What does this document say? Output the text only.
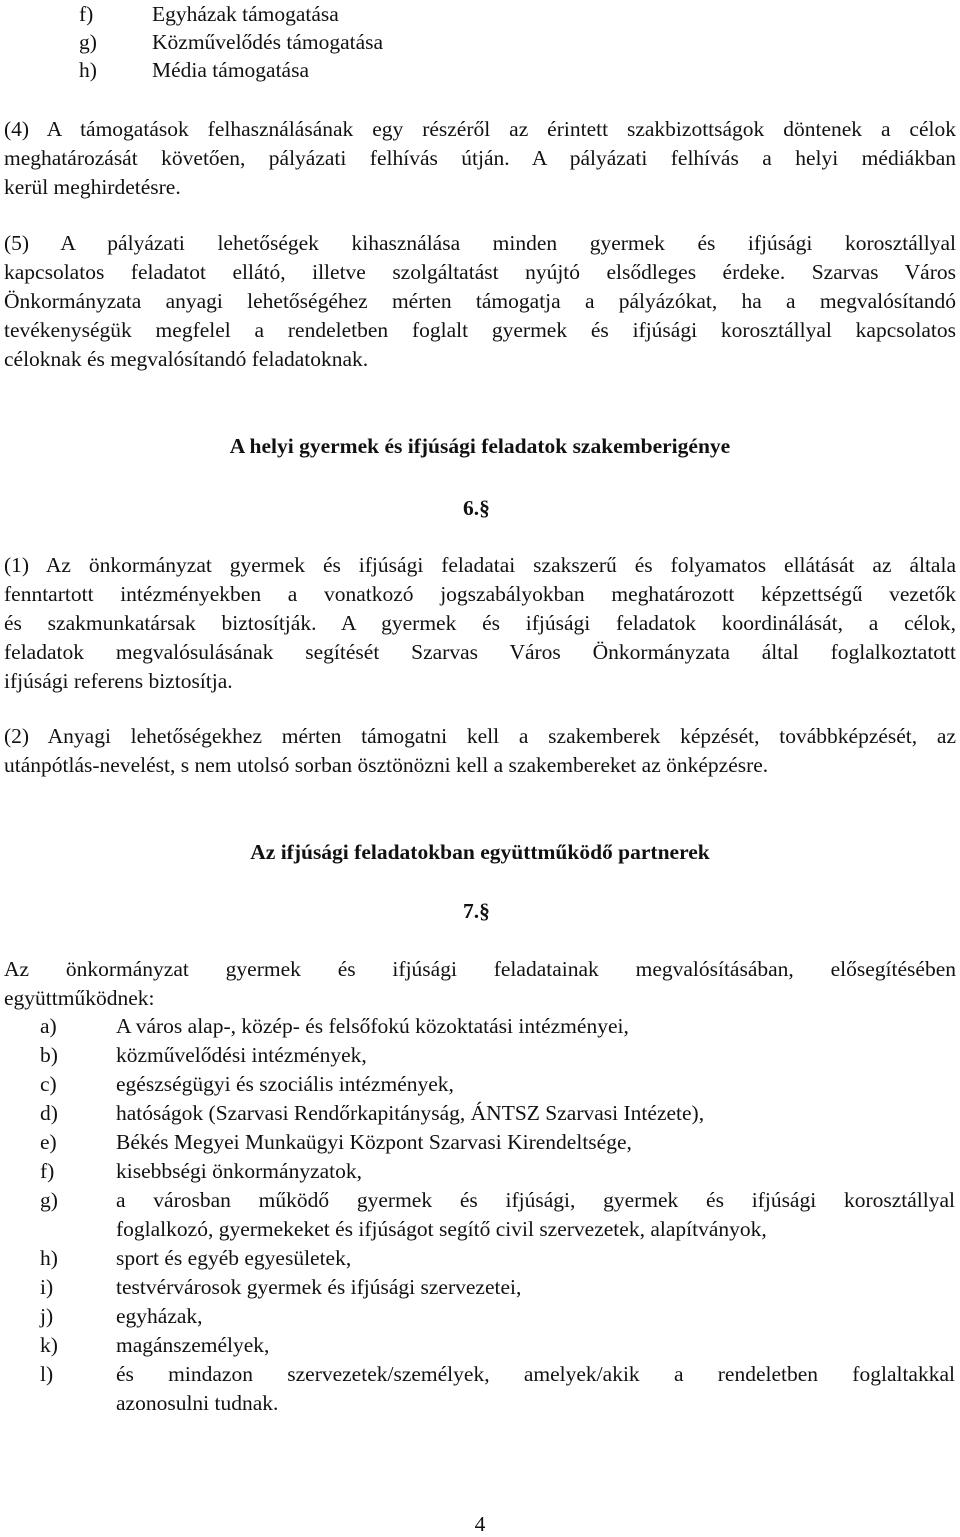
f)	Egyházak támogatása
g)	Közművelődés támogatása
h)	Média támogatása
(4) A támogatások felhasználásának egy részéről az érintett szakbizottságok döntenek a célok
meghatározását követően, pályázati felhívás útján. A pályázati felhívás a helyi médiákban
kerül meghirdetésre.
(5) A pályázati lehetőségek kihasználása minden gyermek és ifjúsági korosztállyal
kapcsolatos feladatot ellátó, illetve szolgáltatást nyújtó elsődleges érdeke. Szarvas Város
Önkormányzata anyagi lehetőségéhez mérten támogatja a pályázókat, ha a megvalósítandó
tevékenységük megfelel a rendeletben foglalt gyermek és ifjúsági korosztállyal kapcsolatos
céloknak és megvalósítandó feladatoknak.
A helyi gyermek és ifjúsági feladatok szakemberigénye
6.§
(1) Az önkormányzat gyermek és ifjúsági feladatai szakszerű és folyamatos ellátását az általa
fenntartott intézményekben a vonatkozó jogszabályokban meghatározott képzettségű vezetők
és szakmunkatársak biztosítják. A gyermek és ifjúsági feladatok koordinálását, a célok,
feladatok megvalósulásának segítését Szarvas Város Önkormányzata által foglalkoztatott
ifjúsági referens biztosítja.
(2) Anyagi lehetőségekhez mérten támogatni kell a szakemberek képzését, továbbképzését, az
utánpótlás-nevelést, s nem utolsó sorban ösztönözni kell a szakembereket az önképzésre.
Az ifjúsági feladatokban együttműködő partnerek
7.§
Az önkormányzat gyermek és ifjúsági feladatainak megvalósításában, elősegítésében
együttműködnek:
a)	A város alap-, közép- és felsőfokú közoktatási intézményei,
b)	közművelődési intézmények,
c)	egészségügyi és szociális intézmények,
d)	hatóságok (Szarvasi Rendőrkapitányság, ÁNTSZ Szarvasi Intézete),
e)	Békés Megyei Munkaügyi Központ Szarvasi Kirendeltsége,
f)	kisebbségi önkormányzatok,
g)	a városban működő gyermek és ifjúsági, gyermek és ifjúsági korosztállyal
foglalkozó, gyermekeket és ifjúságot segítő civil szervezetek, alapítványok,
h)	sport és egyéb egyesületek,
i)	testvérvárosok gyermek és ifjúsági szervezetei,
j)	egyházak,
k)	magánszemélyek,
l)	és mindazon szervezetek/személyek, amelyek/akik a rendeletben foglaltakkal
azonosulni tudnak.
4
